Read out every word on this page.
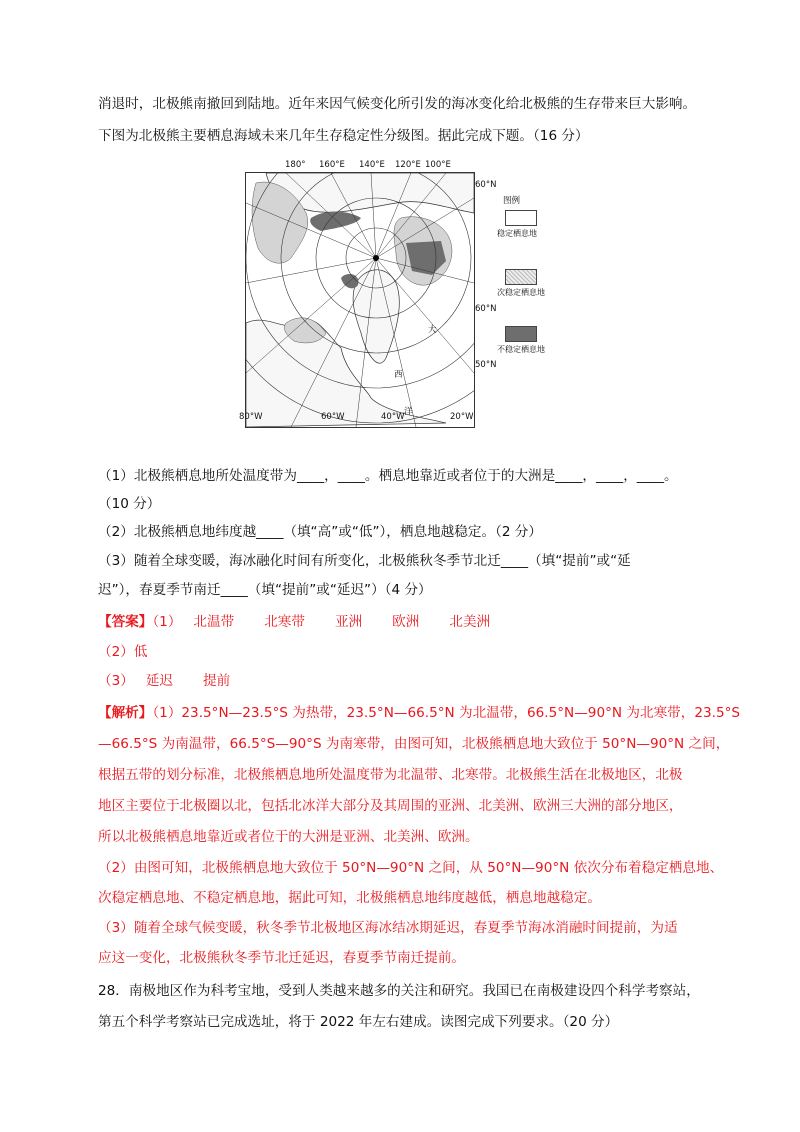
消退时，北极熊南撤回到陆地。近年来因气候变化所引发的海冰变化给北极熊的生存带来巨大影响。
下图为北极熊主要栖息海域未来几年生存稳定性分级图。据此完成下题。（16 分）
180° 160°E 140°E 120°E 100°E
大
西
洋
60°N
60°N
50°N
80°W	60°W	40°W	20°W
图例
稳定栖息地
次稳定栖息地
不稳定栖息地
（1）北极熊栖息地所处温度带为____，____。栖息地靠近或者位于的大洲是____，____，____。
（10 分）
（2）北极熊栖息地纬度越____（填“高”或“低”），栖息地越稳定。（2 分）
（3）随着全球变暖，海冰融化时间有所变化，北极熊秋冬季节北迁____（填“提前”或“延
迟”），春夏季节南迁____（填“提前”或“延迟”）（4 分）
【答案】（1） 北温带 北寒带 亚洲 欧洲 北美洲
（2）低
（3） 延迟 提前
【解析】（1）23.5°N—23.5°S 为热带，23.5°N—66.5°N 为北温带，66.5°N—90°N 为北寒带，23.5°S
—66.5°S 为南温带，66.5°S—90°S 为南寒带，由图可知，北极熊栖息地大致位于 50°N—90°N 之间，
根据五带的划分标准，北极熊栖息地所处温度带为北温带、北寒带。北极熊生活在北极地区，北极
地区主要位于北极圈以北，包括北冰洋大部分及其周围的亚洲、北美洲、欧洲三大洲的部分地区，
所以北极熊栖息地靠近或者位于的大洲是亚洲、北美洲、欧洲。
（2）由图可知，北极熊栖息地大致位于 50°N—90°N 之间，从 50°N—90°N 依次分布着稳定栖息地、
次稳定栖息地、不稳定栖息地，据此可知，北极熊栖息地纬度越低，栖息地越稳定。
（3）随着全球气候变暖，秋冬季节北极地区海冰结冰期延迟，春夏季节海冰消融时间提前，为适
应这一变化，北极熊秋冬季节北迁延迟，春夏季节南迁提前。
28．南极地区作为科考宝地，受到人类越来越多的关注和研究。我国已在南极建设四个科学考察站，
第五个科学考察站已完成选址，将于 2022 年左右建成。读图完成下列要求。（20 分）
